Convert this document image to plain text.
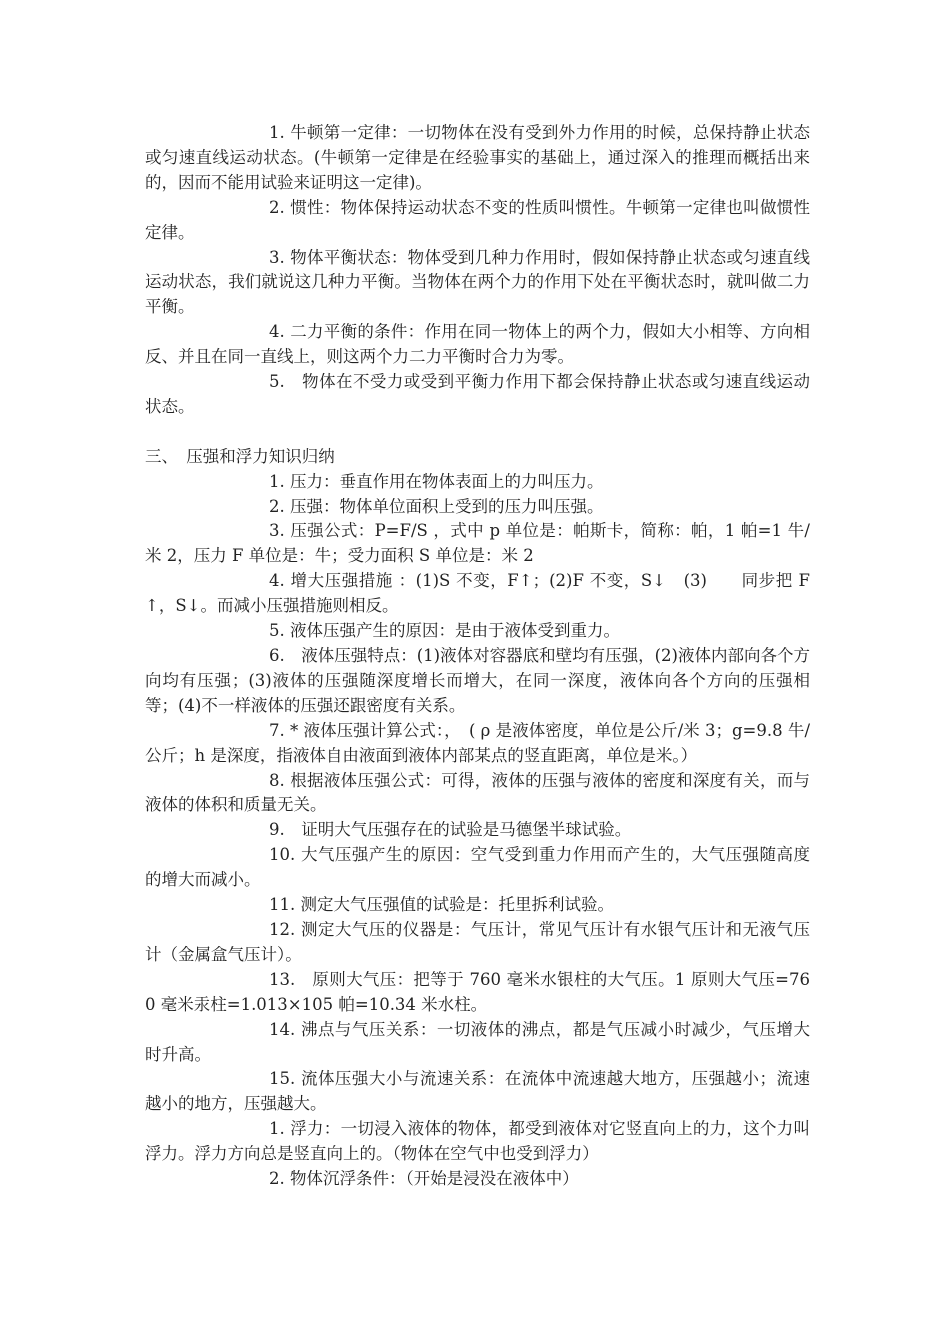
1. 牛顿第一定律：一切物体在没有受到外力作用的时候，总保持静止状态或匀速直线运动状态。(牛顿第一定律是在经验事实的基础上，通过深入的推理而概括出来的，因而不能用试验来证明这一定律)。

2. 惯性：物体保持运动状态不变的性质叫惯性。牛顿第一定律也叫做惯性定律。

3. 物体平衡状态：物体受到几种力作用时，假如保持静止状态或匀速直线运动状态，我们就说这几种力平衡。当物体在两个力的作用下处在平衡状态时，就叫做二力平衡。

4. 二力平衡的条件：作用在同一物体上的两个力，假如大小相等、方向相反、并且在同一直线上，则这两个力二力平衡时合力为零。

5.　物体在不受力或受到平衡力作用下都会保持静止状态或匀速直线运动状态。

三、　压强和浮力知识归纳

1. 压力：垂直作用在物体表面上的力叫压力。

2. 压强：物体单位面积上受到的压力叫压强。

3. 压强公式：P=F/S ，式中 p 单位是：帕斯卡，简称：帕，1 帕=1 牛/米 2，压力 F 单位是：牛；受力面积 S 单位是：米 2

4. 增大压强措施 ：(1)S 不变，F↑；(2)F 不变，S↓　(3)　　同步把 F↑，S↓。而减小压强措施则相反。

5. 液体压强产生的原因：是由于液体受到重力。

6.　液体压强特点：(1)液体对容器底和壁均有压强，(2)液体内部向各个方向均有压强；(3)液体的压强随深度增长而增大，在同一深度，液体向各个方向的压强相等；(4)不一样液体的压强还跟密度有关系。

7. * 液体压强计算公式：，　( ρ 是液体密度，单位是公斤/米 3；g=9.8 牛/公斤；h 是深度，指液体自由液面到液体内部某点的竖直距离，单位是米。）

8. 根据液体压强公式：可得，液体的压强与液体的密度和深度有关，而与液体的体积和质量无关。

9.　证明大气压强存在的试验是马德堡半球试验。

10. 大气压强产生的原因：空气受到重力作用而产生的，大气压强随高度的增大而减小。

11. 测定大气压强值的试验是：托里拆利试验。

12. 测定大气压的仪器是：气压计，常见气压计有水银气压计和无液气压计（金属盒气压计）。

13.　原则大气压：把等于 760 毫米水银柱的大气压。1 原则大气压=760 毫米汞柱=1.013×105 帕=10.34 米水柱。

14. 沸点与气压关系：一切液体的沸点，都是气压减小时减少，气压增大时升高。

15. 流体压强大小与流速关系：在流体中流速越大地方，压强越小；流速越小的地方，压强越大。

1. 浮力：一切浸入液体的物体，都受到液体对它竖直向上的力，这个力叫浮力。浮力方向总是竖直向上的。（物体在空气中也受到浮力）

2. 物体沉浮条件：（开始是浸没在液体中）
